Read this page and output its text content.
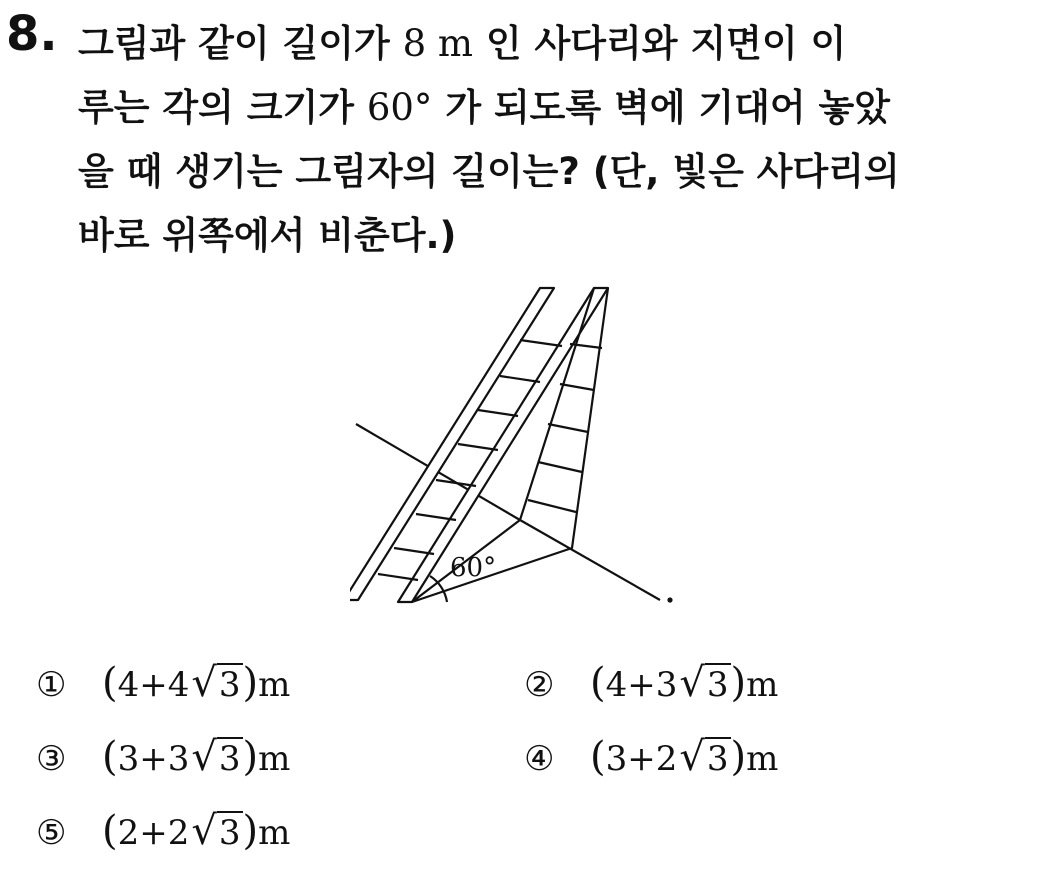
8. 그림과 같이 길이가 8 m 인 사다리와 지면이 이
루는 각의 크기가 60° 가 되도록 벽에 기대어 놓았
을 때 생기는 그림자의 길이는? (단, 빛은 사다리의
바로 위쪽에서 비춘다.)
60°
① (4+4√3)m	② (4+3√3)m
③ (3+3√3)m	④ (3+2√3)m
⑤ (2+2√3)m
